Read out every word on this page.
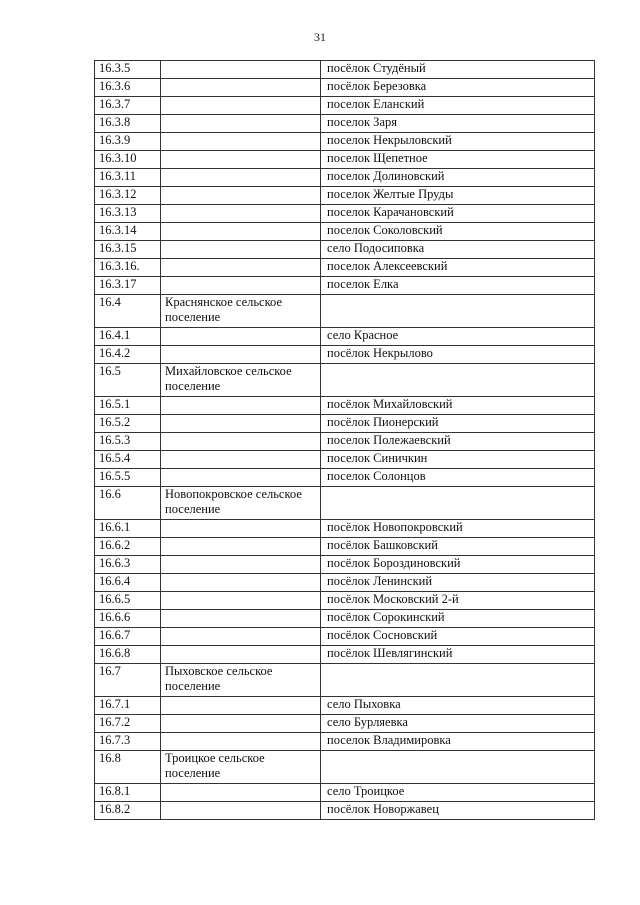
31
16.3.5		посёлок Студёный
16.3.6		посёлок Березовка
16.3.7		поселок Еланский
16.3.8		поселок Заря
16.3.9		поселок Некрыловский
16.3.10		поселок Щепетное
16.3.11		поселок Долиновский
16.3.12		поселок Желтые Пруды
16.3.13		поселок Карачановский
16.3.14		поселок Соколовский
16.3.15		село Подосиповка
16.3.16.		поселок Алексеевский
16.3.17		поселок Елка
16.4	Краснянское сельское поселение	
16.4.1		село Красное
16.4.2		посёлок Некрылово
16.5	Михайловское сельское поселение	
16.5.1		посёлок Михайловский
16.5.2		посёлок Пионерский
16.5.3		поселок Полежаевский
16.5.4		поселок Синичкин
16.5.5		поселок Солонцов
16.6	Новопокровское сельское поселение	
16.6.1		посёлок Новопокровский
16.6.2		посёлок Башковский
16.6.3		посёлок Бороздиновский
16.6.4		посёлок Ленинский
16.6.5		посёлок Московский 2-й
16.6.6		посёлок Сорокинский
16.6.7		посёлок Сосновский
16.6.8		посёлок Шевлягинский
16.7	Пыховское сельское поселение	
16.7.1		село Пыховка
16.7.2		село Бурляевка
16.7.3		поселок Владимировка
16.8	Троицкое сельское поселение	
16.8.1		село Троицкое
16.8.2		посёлок Новоржавец
